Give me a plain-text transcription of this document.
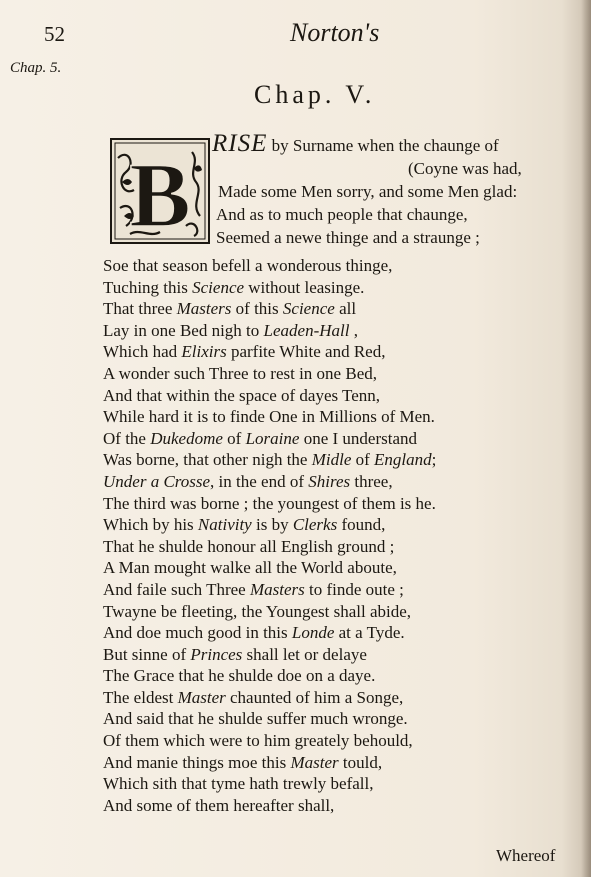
52	Norton's
Chap. 5.
Chap. V.
B
RISE by Surname when the chaunge of
(Coyne was had,
Made some Men sorry, and some Men glad:
And as to much people that chaunge,
Seemed a newe thinge and a straunge ;
Soe that season befell a wonderous thinge,
Tuching this Science without leasinge.
That three Masters of this Science all
Lay in one Bed nigh to Leaden-Hall ,
Which had Elixirs parfite White and Red,
A wonder such Three to rest in one Bed,
And that within the space of dayes Tenn,
While hard it is to finde One in Millions of Men.
Of the Dukedome of Loraine one I understand
Was borne, that other nigh the Midle of England;
Under a Crosse, in the end of Shires three,
The third was borne ; the youngest of them is he.
Which by his Nativity is by Clerks found,
That he shulde honour all English ground ;
A Man mought walke all the World aboute,
And faile such Three Masters to finde oute ;
Twayne be fleeting, the Youngest shall abide,
And doe much good in this Londe at a Tyde.
But sinne of Princes shall let or delaye
The Grace that he shulde doe on a daye.
The eldest Master chaunted of him a Songe,
And said that he shulde suffer much wronge.
Of them which were to him greately behould,
And manie things moe this Master tould,
Which sith that tyme hath trewly befall,
And some of them hereafter shall,
Whereof
